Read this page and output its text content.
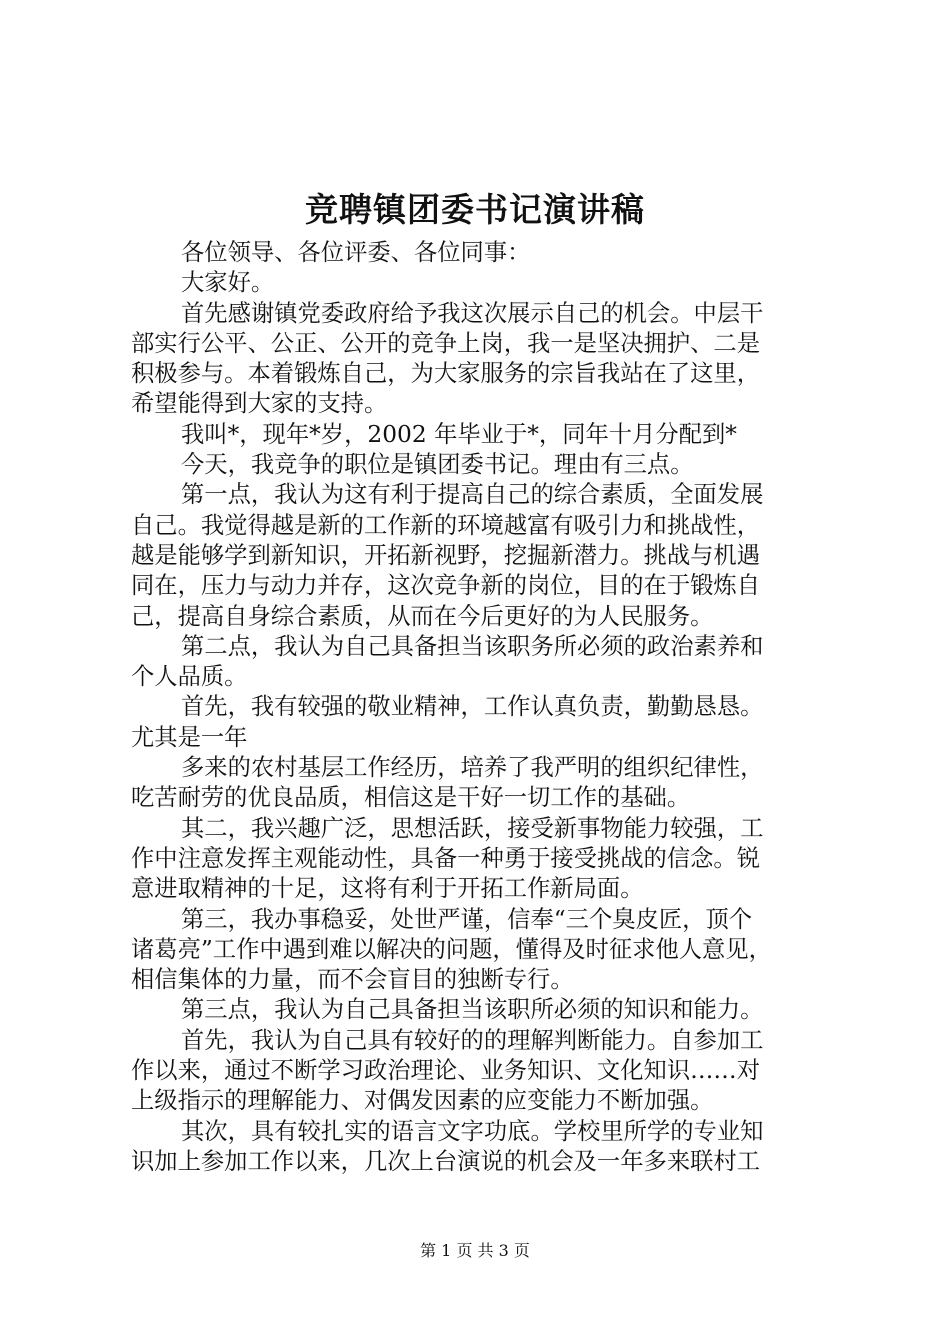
竞聘镇团委书记演讲稿
各位领导、各位评委、各位同事：
大家好。
首先感谢镇党委政府给予我这次展示自己的机会。中层干
部实行公平、公正、公开的竞争上岗，我一是坚决拥护、二是
积极参与。本着锻炼自己，为大家服务的宗旨我站在了这里，
希望能得到大家的支持。
我叫*，现年*岁，2002 年毕业于*，同年十月分配到*
今天，我竞争的职位是镇团委书记。理由有三点。
第一点，我认为这有利于提高自己的综合素质，全面发展
自己。我觉得越是新的工作新的环境越富有吸引力和挑战性，
越是能够学到新知识，开拓新视野，挖掘新潜力。挑战与机遇
同在，压力与动力并存，这次竞争新的岗位，目的在于锻炼自
己，提高自身综合素质，从而在今后更好的为人民服务。
第二点，我认为自己具备担当该职务所必须的政治素养和
个人品质。
首先，我有较强的敬业精神，工作认真负责，勤勤恳恳。
尤其是一年
多来的农村基层工作经历，培养了我严明的组织纪律性，
吃苦耐劳的优良品质，相信这是干好一切工作的基础。
其二，我兴趣广泛，思想活跃，接受新事物能力较强，工
作中注意发挥主观能动性，具备一种勇于接受挑战的信念。锐
意进取精神的十足，这将有利于开拓工作新局面。
第三，我办事稳妥，处世严谨，信奉“三个臭皮匠，顶个
诸葛亮”工作中遇到难以解决的问题，懂得及时征求他人意见，
相信集体的力量，而不会盲目的独断专行。
第三点，我认为自己具备担当该职所必须的知识和能力。
首先，我认为自己具有较好的的理解判断能力。自参加工
作以来，通过不断学习政治理论、业务知识、文化知识……对
上级指示的理解能力、对偶发因素的应变能力不断加强。
其次，具有较扎实的语言文字功底。学校里所学的专业知
识加上参加工作以来，几次上台演说的机会及一年多来联村工
第 1 页 共 3 页
